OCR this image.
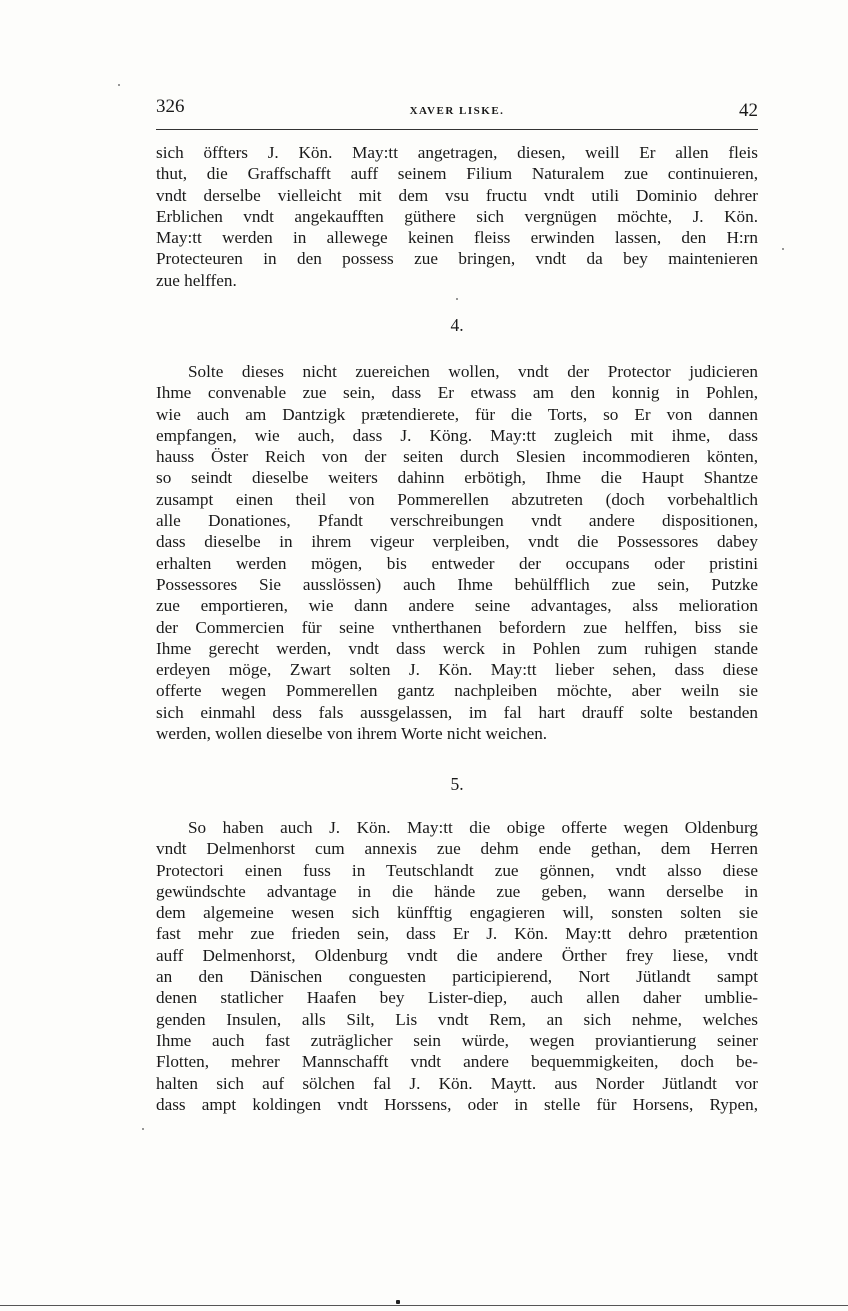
326	XAVER LISKE.	42
sich öffters J. Kön. May:tt angetragen, diesen, weill Er allen fleis
thut, die Graffschafft auff seinem Filium Naturalem zue continuieren,
vndt derselbe vielleicht mit dem vsu fructu vndt utili Dominio dehrer
Erblichen vndt angekaufften güthere sich vergnügen möchte, J. Kön.
May:tt werden in allewege keinen fleiss erwinden lassen, den H:rn
Protecteuren in den possess zue bringen, vndt da bey maintenieren
zue helffen.
4.
Solte dieses nicht zuereichen wollen, vndt der Protector judicieren
Ihme convenable zue sein, dass Er etwass am den konnig in Pohlen,
wie auch am Dantzigk prætendierete, für die Torts, so Er von dannen
empfangen, wie auch, dass J. Köng. May:tt zugleich mit ihme, dass
hauss Öster Reich von der seiten durch Slesien incommodieren könten,
so seindt dieselbe weiters dahinn erbötigh, Ihme die Haupt Shantze
zusampt einen theil von Pommerellen abzutreten (doch vorbehaltlich
alle Donationes, Pfandt verschreibungen vndt andere dispositionen,
dass dieselbe in ihrem vigeur verpleiben, vndt die Possessores dabey
erhalten werden mögen, bis entweder der occupans oder pristini
Possessores Sie ausslössen) auch Ihme behülfflich zue sein, Putzke
zue emportieren, wie dann andere seine advantages, alss melioration
der Commercien für seine vntherthanen befordern zue helffen, biss sie
Ihme gerecht werden, vndt dass werck in Pohlen zum ruhigen stande
erdeyen möge, Zwart solten J. Kön. May:tt lieber sehen, dass diese
offerte wegen Pommerellen gantz nachpleiben möchte, aber weiln sie
sich einmahl dess fals aussgelassen, im fal hart drauff solte bestanden
werden, wollen dieselbe von ihrem Worte nicht weichen.
5.
So haben auch J. Kön. May:tt die obige offerte wegen Oldenburg
vndt Delmenhorst cum annexis zue dehm ende gethan, dem Herren
Protectori einen fuss in Teutschlandt zue gönnen, vndt alsso diese
gewündschte advantage in die hände zue geben, wann derselbe in
dem algemeine wesen sich künfftig engagieren will, sonsten solten sie
fast mehr zue frieden sein, dass Er J. Kön. May:tt dehro prætention
auff Delmenhorst, Oldenburg vndt die andere Örther frey liese, vndt
an den Dänischen conguesten participierend, Nort Jütlandt sampt
denen statlicher Haafen bey Lister-diep, auch allen daher umblie-
genden Insulen, alls Silt, Lis vndt Rem, an sich nehme, welches
Ihme auch fast zuträglicher sein würde, wegen proviantierung seiner
Flotten, mehrer Mannschafft vndt andere bequemmigkeiten, doch be-
halten sich auf sölchen fal J. Kön. Maytt. aus Norder Jütlandt vor
dass ampt koldingen vndt Horssens, oder in stelle für Horsens, Rypen,
